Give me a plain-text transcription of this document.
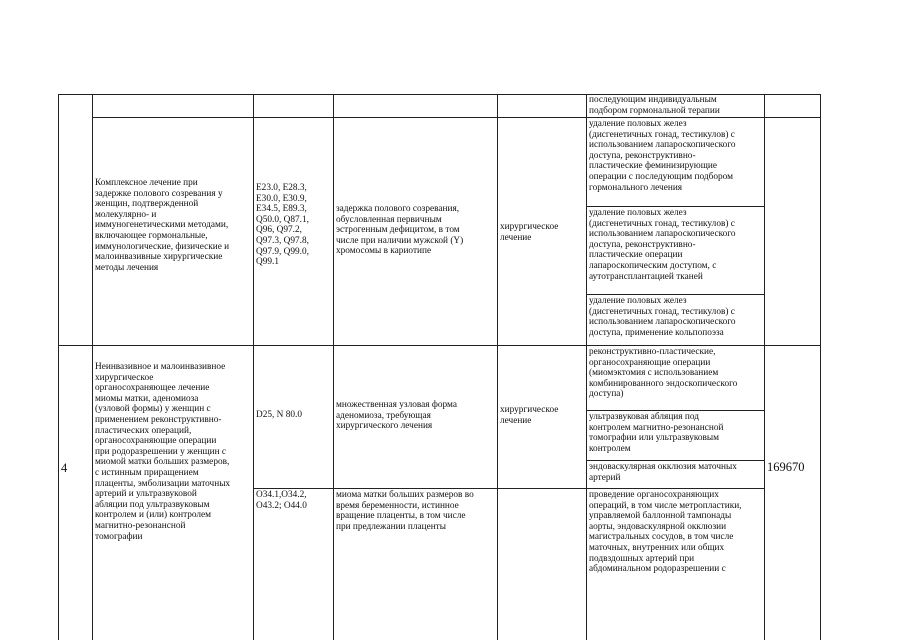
последующим индивидуальным
подбором гормональной терапии
Комплексное лечение при
задержке полового созревания у
женщин, подтвержденной
молекулярно- и
иммуногенетическими методами,
включающее гормональные,
иммунологические, физические и
малоинвазивные хирургические
методы лечения
E23.0, E28.3,
E30.0, E30.9,
E34.5, E89.3,
Q50.0, Q87.1,
Q96, Q97.2,
Q97.3, Q97.8,
Q97.9, Q99.0,
Q99.1
задержка полового созревания,
обусловленная первичным
эстрогенным дефицитом, в том
числе при наличии мужской (Y)
хромосомы в кариотипе
хирургическое
лечение
удаление половых желез
(дисгенетичных гонад, тестикулов) с
использованием лапароскопического
доступа, реконструктивно-
пластические феминизирующие
операции с последующим подбором
гормонального лечения
удаление половых желез
(дисгенетичных гонад, тестикулов) с
использованием лапароскопического
доступа, реконструктивно-
пластические операции
лапароскопическим доступом, с
аутотрансплантацией тканей
удаление половых желез
(дисгенетичных гонад, тестикулов) с
использованием лапароскопического
доступа, применение кольпопоэза
4
Неинвазивное и малоинвазивное
хирургическое
органосохраняющее лечение
миомы матки, аденомиоза
(узловой формы) у женщин с
применением реконструктивно-
пластических операций,
органосохраняющие операции
при родоразрешении у женщин с
миомой матки больших размеров,
с истинным приращением
плаценты, эмболизации маточных
артерий и ультразвуковой
абляции под ультразвуковым
контролем и (или) контролем
магнитно-резонансной
томографии
D25, N 80.0
множественная узловая форма
аденомиоза, требующая
хирургического лечения
хирургическое
лечение
реконструктивно-пластические,
органосохраняющие операции
(миомэктомия с использованием
комбинированного эндоскопического
доступа)
ультразвуковая абляция под
контролем магнитно-резонансной
томографии или ультразвуковым
контролем
эндоваскулярная окклюзия маточных
артерий
169670
O34.1,O34.2,
O43.2; O44.0
миома матки больших размеров во
время беременности, истинное
вращение плаценты, в том числе
при предлежании плаценты
проведение органосохраняющих
операций, в том числе метропластики,
управляемой баллонной тампонады
аорты, эндоваскулярной окклюзии
магистральных сосудов, в том числе
маточных, внутренних или общих
подвздошных артерий при
абдоминальном родоразрешении с
